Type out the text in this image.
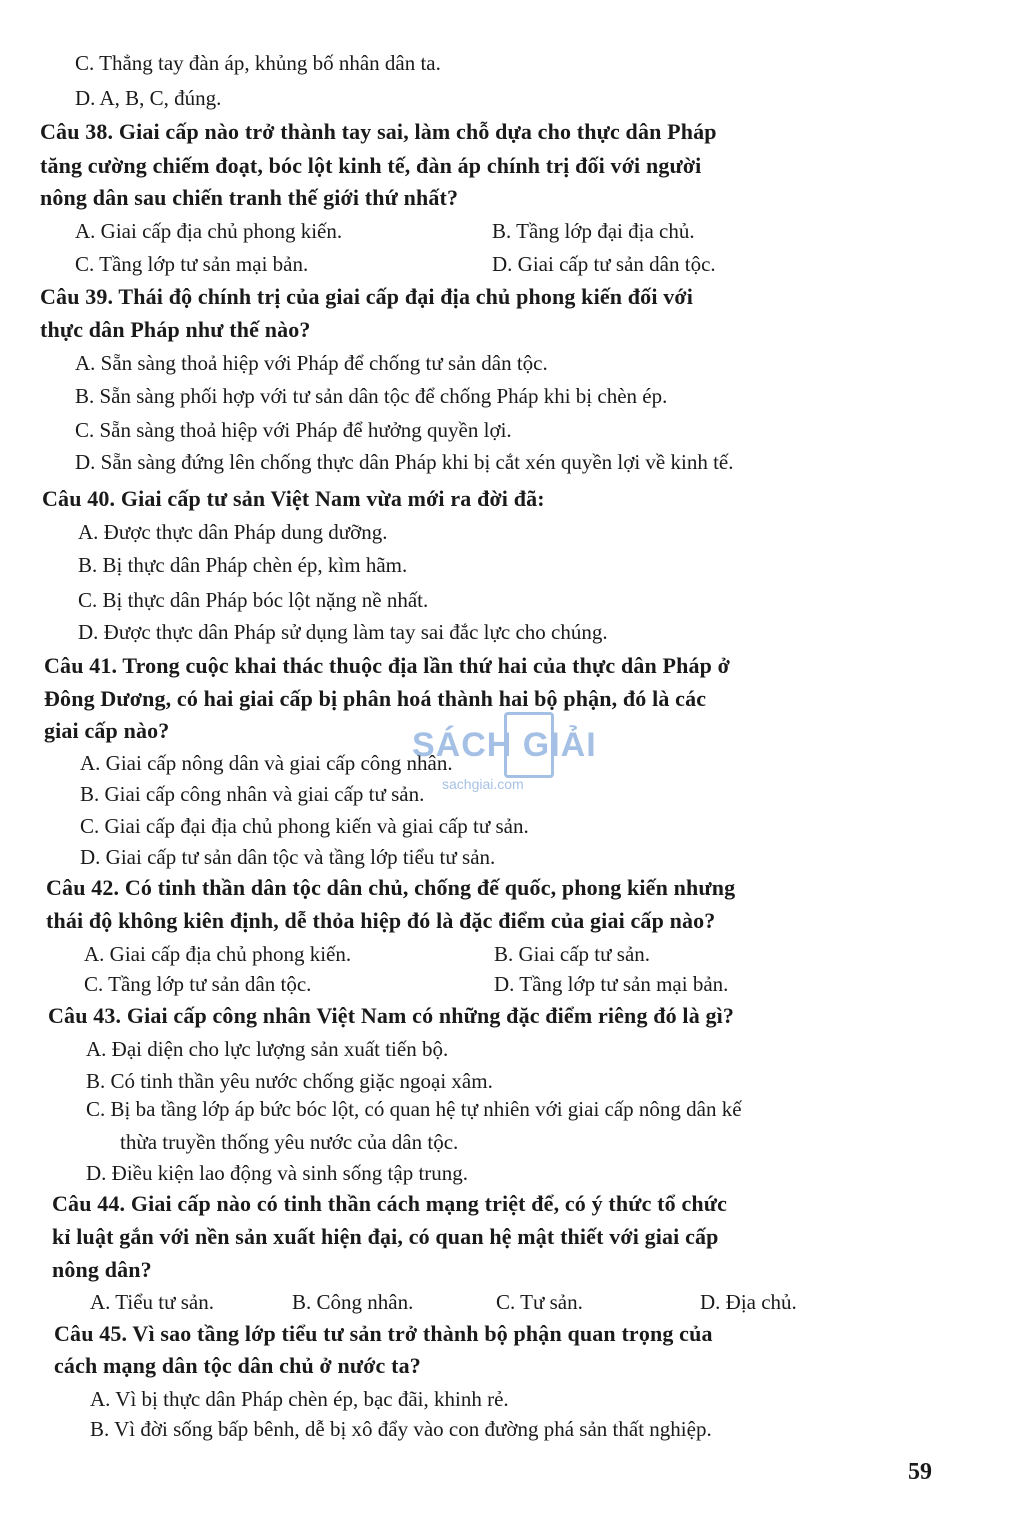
C. Thẳng tay đàn áp, khủng bố nhân dân ta.
D. A, B, C, đúng.
Câu 38. Giai cấp nào trở thành tay sai, làm chỗ dựa cho thực dân Pháp
tăng cường chiếm đoạt, bóc lột kinh tế, đàn áp chính trị đối với người
nông dân sau chiến tranh thế giới thứ nhất?
A. Giai cấp địa chủ phong kiến.	B. Tầng lớp đại địa chủ.
C. Tầng lớp tư sản mại bản.	D. Giai cấp tư sản dân tộc.
Câu 39. Thái độ chính trị của giai cấp đại địa chủ phong kiến đối với
thực dân Pháp như thế nào?
A. Sẵn sàng thoả hiệp với Pháp để chống tư sản dân tộc.
B. Sẵn sàng phối hợp với tư sản dân tộc để chống Pháp khi bị chèn ép.
C. Sẵn sàng thoả hiệp với Pháp để hưởng quyền lợi.
D. Sẵn sàng đứng lên chống thực dân Pháp khi bị cắt xén quyền lợi về kinh tế.
Câu 40. Giai cấp tư sản Việt Nam vừa mới ra đời đã:
A. Được thực dân Pháp dung dưỡng.
B. Bị thực dân Pháp chèn ép, kìm hãm.
C. Bị thực dân Pháp bóc lột nặng nề nhất.
D. Được thực dân Pháp sử dụng làm tay sai đắc lực cho chúng.
Câu 41. Trong cuộc khai thác thuộc địa lần thứ hai của thực dân Pháp ở
Đông Dương, có hai giai cấp bị phân hoá thành hai bộ phận, đó là các
giai cấp nào?
A. Giai cấp nông dân và giai cấp công nhân.
B. Giai cấp công nhân và giai cấp tư sản.
C. Giai cấp đại địa chủ phong kiến và giai cấp tư sản.
D. Giai cấp tư sản dân tộc và tầng lớp tiểu tư sản.
Câu 42. Có tinh thần dân tộc dân chủ, chống đế quốc, phong kiến nhưng
thái độ không kiên định, dễ thỏa hiệp đó là đặc điểm của giai cấp nào?
A. Giai cấp địa chủ phong kiến.	B. Giai cấp tư sản.
C. Tầng lớp tư sản dân tộc.	D. Tầng lớp tư sản mại bản.
Câu 43. Giai cấp công nhân Việt Nam có những đặc điểm riêng đó là gì?
A. Đại diện cho lực lượng sản xuất tiến bộ.
B. Có tinh thần yêu nước chống giặc ngoại xâm.
C. Bị ba tầng lớp áp bức bóc lột, có quan hệ tự nhiên với giai cấp nông dân kế
thừa truyền thống yêu nước của dân tộc.
D. Điều kiện lao động và sinh sống tập trung.
Câu 44. Giai cấp nào có tinh thần cách mạng triệt để, có ý thức tổ chức
kỉ luật gắn với nền sản xuất hiện đại, có quan hệ mật thiết với giai cấp
nông dân?
A. Tiểu tư sản.	B. Công nhân.	C. Tư sản.	D. Địa chủ.
Câu 45. Vì sao tầng lớp tiểu tư sản trở thành bộ phận quan trọng của
cách mạng dân tộc dân chủ ở nước ta?
A. Vì bị thực dân Pháp chèn ép, bạc đãi, khinh rẻ.
B. Vì đời sống bấp bênh, dễ bị xô đẩy vào con đường phá sản thất nghiệp.
59
SÁCH GIẢI
sachgiai.com
